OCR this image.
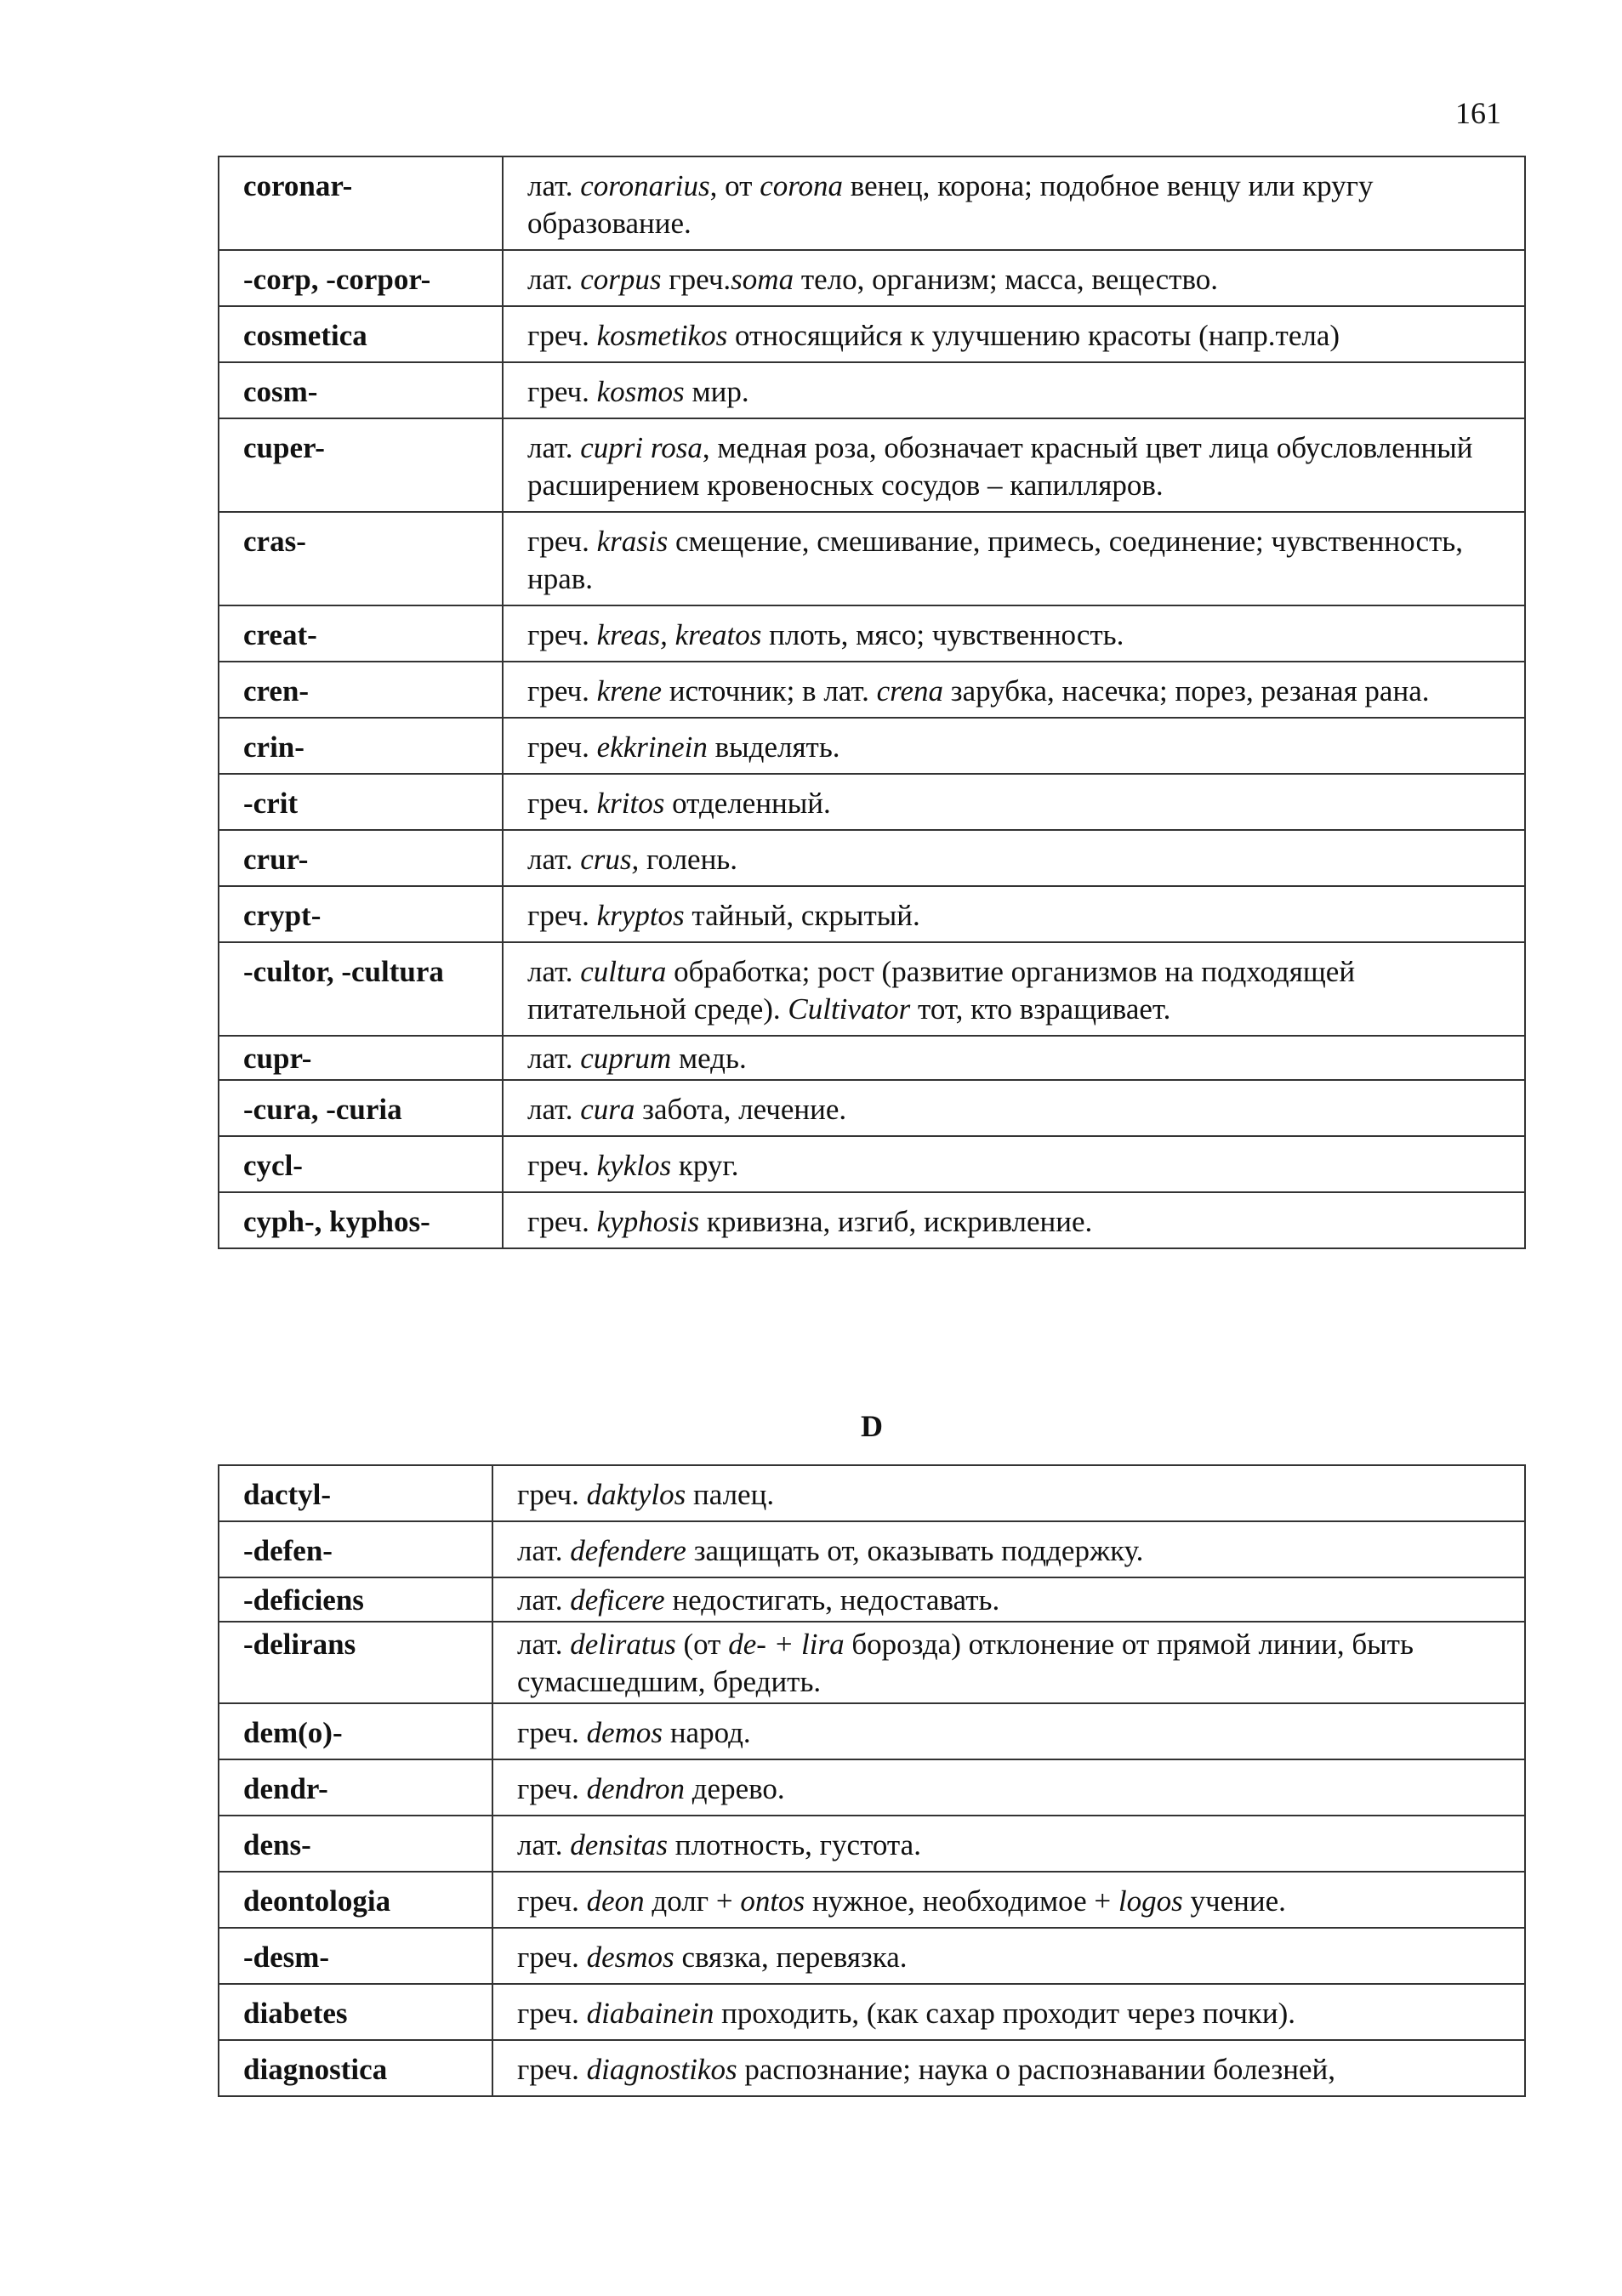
161
coronar-	лат. coronarius, от corona венец, корона; подобное венцу или кругу образование.
-corp, -corpor-	лат. corpus греч.soma тело, организм; масса, вещество.
cosmetica	греч. kosmetikos относящийся к улучшению красоты (напр.тела)
cosm-	греч. kosmos мир.
cuper-	лат. cupri rosa, медная роза, обозначает красный цвет лица обусловленный расширением кровеносных сосудов – капилляров.
cras-	греч. krasis смещение, смешивание, примесь, соединение; чувственность, нрав.
creat-	греч. kreas, kreatos плоть, мясо; чувственность.
cren-	греч. krene источник; в лат. crena зарубка, насечка; порез, резаная рана.
crin-	греч. ekkrinein выделять.
-crit	греч. kritos отделенный.
crur-	лат. crus, голень.
crypt-	греч. kryptos тайный, скрытый.
-cultor, -cultura	лат. cultura обработка; рост (развитие организмов на подходящей питательной среде). Cultivator тот, кто взращивает.
cupr-	лат. cuprum медь.
-cura, -curia	лат. cura забота, лечение.
cycl-	греч. kyklos круг.
cyph-, kyphos-	греч. kyphosis кривизна, изгиб, искривление.
D
dactyl-	греч. daktylos палец.
-defen-	лат. defendere защищать от, оказывать поддержку.
-deficiens	лат. deficere недостигать, недоставать.
-delirans	лат. deliratus (от de- + lira борозда) отклонение от прямой линии, быть сумасшедшим, бредить.
dem(o)-	греч. demos народ.
dendr-	греч. dendron дерево.
dens-	лат. densitas плотность, густота.
deontologia	греч. deon долг + ontos нужное, необходимое + logos учение.
-desm-	греч. desmos связка, перевязка.
diabetes	греч. diabainein проходить, (как сахар проходит через почки).
diagnostica	греч. diagnostikos распознание; наука о распознавании болезней,
